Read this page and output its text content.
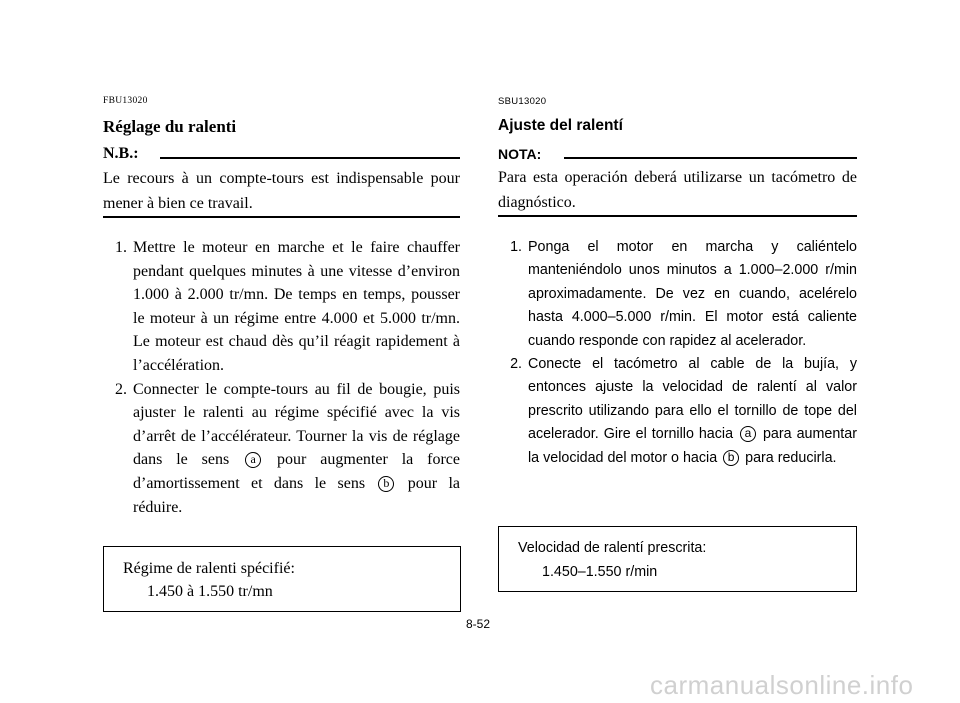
FBU13020
Réglage du ralenti
N.B.:
Le recours à un compte-tours est indispensable pour mener à bien ce travail.
1. Mettre le moteur en marche et le faire chauffer pendant quelques minutes à une vitesse d’environ 1.000 à 2.000 tr/mn. De temps en temps, pousser le moteur à un régime entre 4.000 et 5.000 tr/mn. Le moteur est chaud dès qu’il réagit rapidement à l’accélération.
2. Connecter le compte-tours au fil de bougie, puis ajuster le ralenti au régime spécifié avec la vis d’arrêt de l’accélérateur. Tourner la vis de réglage dans le sens a pour augmenter la force d’amortissement et dans le sens b pour la réduire.
Régime de ralenti spécifié:
1.450 à 1.550 tr/mn
SBU13020
Ajuste del ralentí
NOTA:
Para esta operación deberá utilizarse un tacómetro de diagnóstico.
1. Ponga el motor en marcha y caliéntelo manteniéndolo unos minutos a 1.000–2.000 r/min aproximadamente. De vez en cuando, acelérelo hasta 4.000–5.000 r/min. El motor está caliente cuando responde con rapidez al acelerador.
2. Conecte el tacómetro al cable de la bujía, y entonces ajuste la velocidad de ralentí al valor prescrito utilizando para ello el tornillo de tope del acelerador. Gire el tornillo hacia a para aumentar la velocidad del motor o hacia b para reducirla.
Velocidad de ralentí prescrita:
1.450–1.550 r/min
8-52
carmanualsonline.info
